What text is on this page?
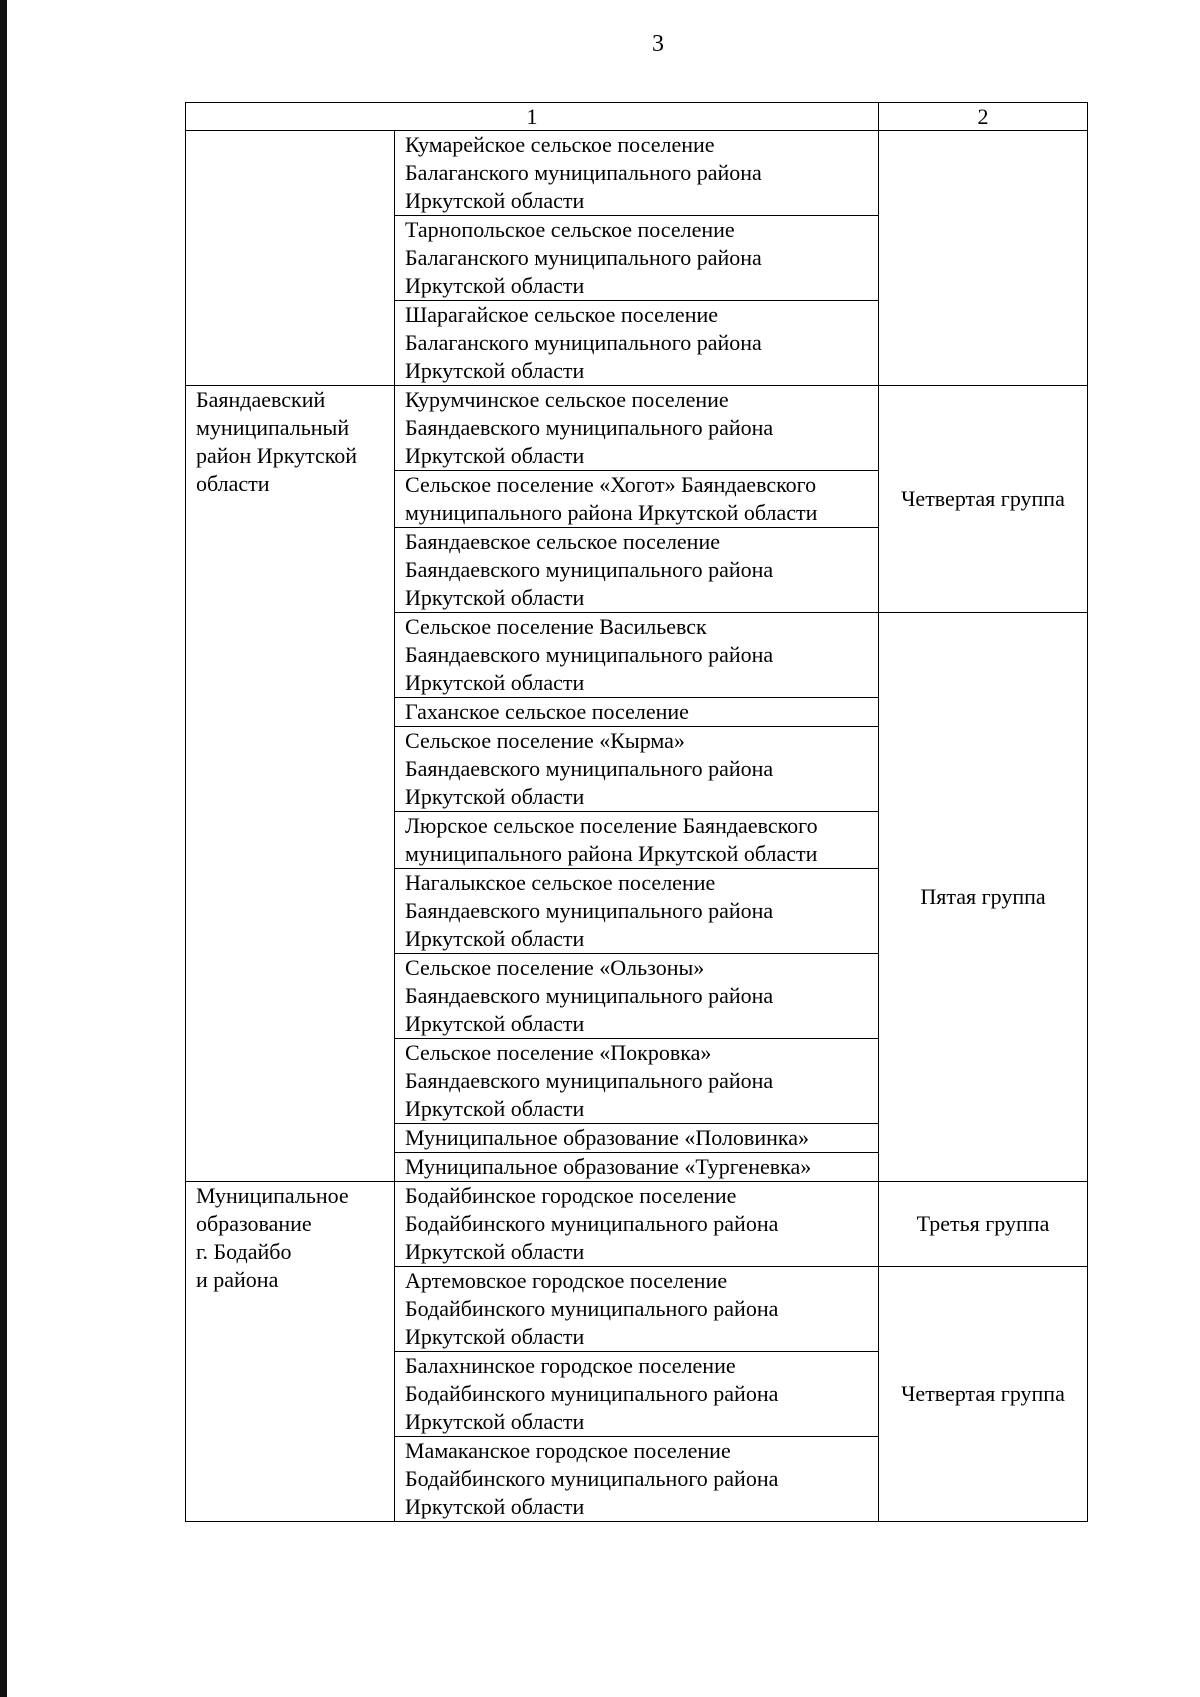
3
1		2

	Кумарейское сельское поселение
Балаганского муниципального района
Иркутской области	

	Тарнопольское сельское поселение
Балаганского муниципального района
Иркутской области	

	Шарагайское сельское поселение
Балаганского муниципального района
Иркутской области	

Баяндаевский
муниципальный
район Иркутской
области	Курумчинское сельское поселение
Баяндаевского муниципального района
Иркутской области	Четвертая группа

	Сельское поселение «Хогот» Баяндаевского
муниципального района Иркутской области	

	Баяндаевское сельское поселение
Баяндаевского муниципального района
Иркутской области	

	Сельское поселение Васильевск
Баяндаевского муниципального района
Иркутской области	Пятая группа

	Гаханское сельское поселение	

	Сельское поселение «Кырма»
Баяндаевского муниципального района
Иркутской области	

	Люрское сельское поселение Баяндаевского
муниципального района Иркутской области	

	Нагалыкское сельское поселение
Баяндаевского муниципального района
Иркутской области	

	Сельское поселение «Ользоны»
Баяндаевского муниципального района
Иркутской области	

	Сельское поселение «Покровка»
Баяндаевского муниципального района
Иркутской области	

	Муниципальное образование «Половинка»	

	Муниципальное образование «Тургеневка»	

Муниципальное
образование
г. Бодайбо
и района	Бодайбинское городское поселение
Бодайбинского муниципального района
Иркутской области	Третья группа

	Артемовское городское поселение
Бодайбинского муниципального района
Иркутской области	Четвертая группа

	Балахнинское городское поселение
Бодайбинского муниципального района
Иркутской области	

	Мамаканское городское поселение
Бодайбинского муниципального района
Иркутской области	
